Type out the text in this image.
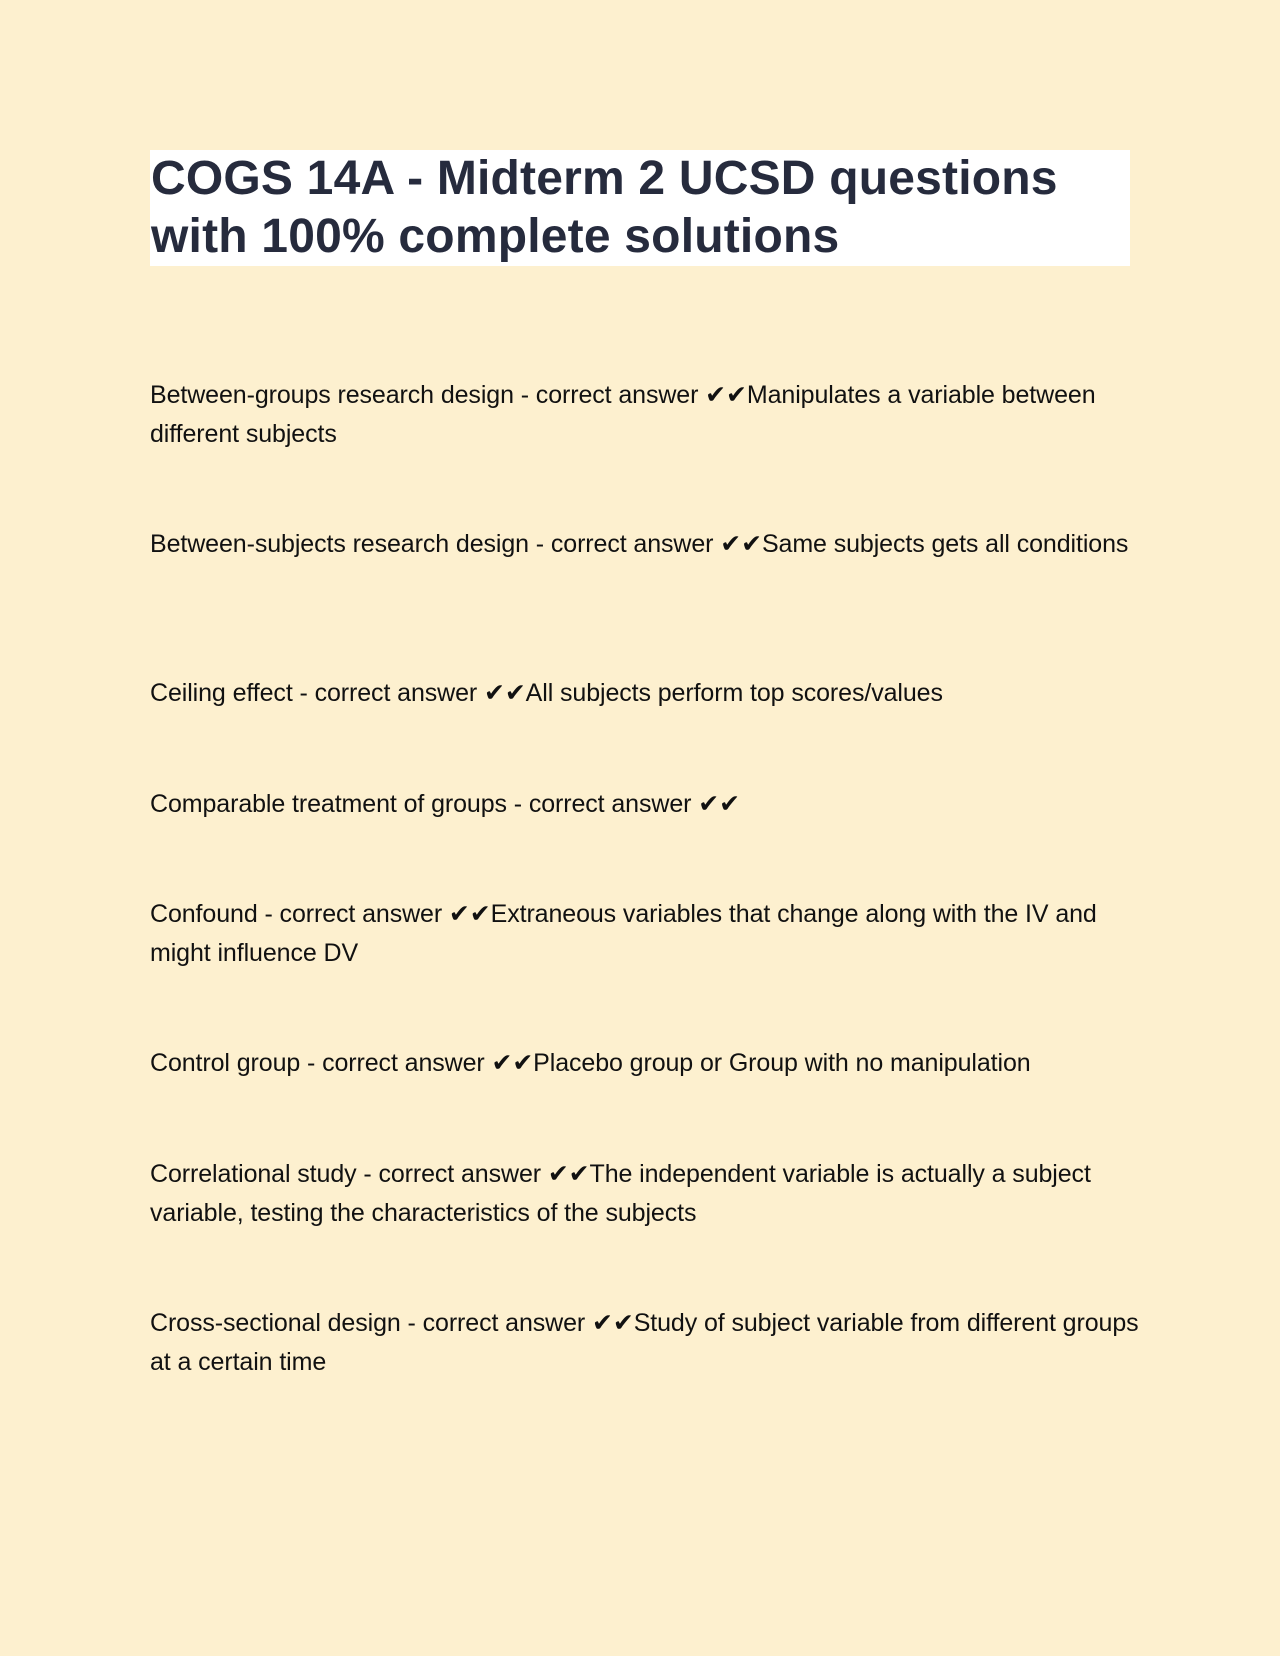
COGS 14A - Midterm 2 UCSD questions with 100% complete solutions

Between-groups research design - correct answer ✔✔Manipulates a variable between different subjects

Between-subjects research design - correct answer ✔✔Same subjects gets all conditions

Ceiling effect - correct answer ✔✔All subjects perform top scores/values

Comparable treatment of groups - correct answer ✔✔

Confound - correct answer ✔✔Extraneous variables that change along with the IV and might influence DV

Control group - correct answer ✔✔Placebo group or Group with no manipulation

Correlational study - correct answer ✔✔The independent variable is actually a subject variable, testing the characteristics of the subjects

Cross-sectional design - correct answer ✔✔Study of subject variable from different groups at a certain time
